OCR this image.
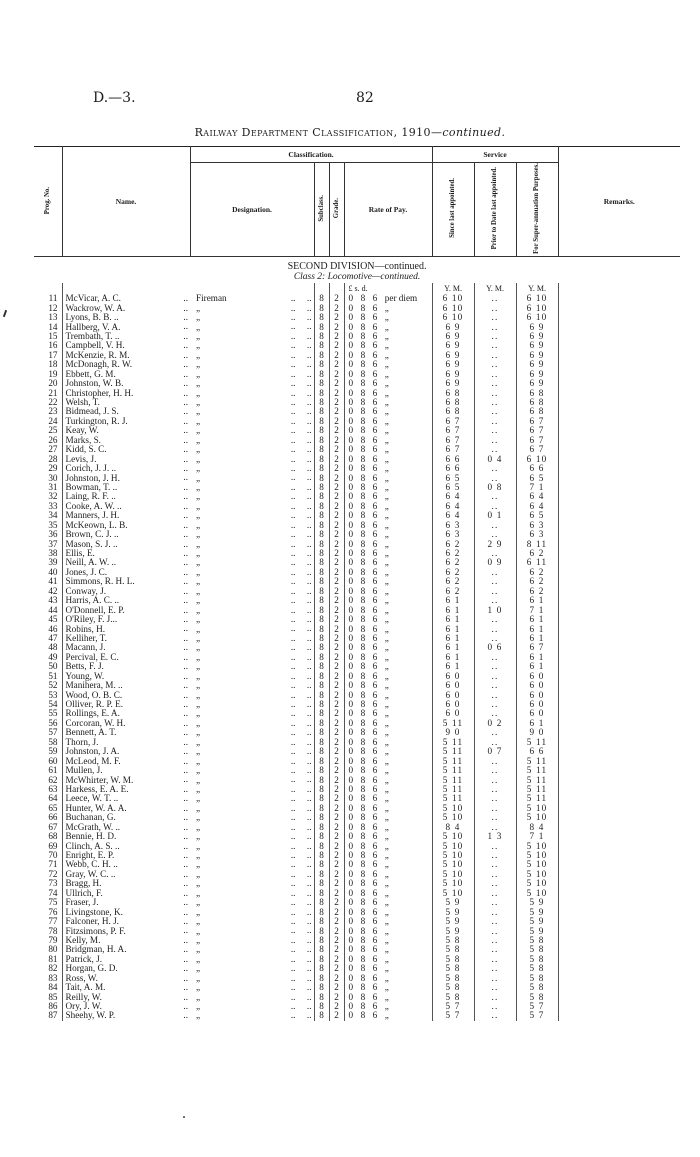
D.—3.	82
Railway Department Classification, 1910—continued.
Prog. No.	Name.	Classification.				Service			Remarks.
		Designation.	Subclass.	Grade.	Rate of Pay.	Since last appointed.	Prior to Date last appointed.	For Super-annuation Purposes.	
SECOND DIVISION—continued.									
Class 2: Locomotive—continued.									
					£ s. d.	Y. M.	Y. M.	Y. M.	
11	McVicar, A. C. ..	Fireman ..     ..	8	2	0 8 6 per diem	6 10	..	6 10	
12	Wackrow, W. A. ..	„ ..     ..	8	2	0 8 6 „	6 10	..	6 10	
13	Lyons, B. B. .. ..	„ ..     ..	8	2	0 8 6 „	6 10	..	6 10	
14	Hallberg, V. A. ..	„ ..     ..	8	2	0 8 6 „	6 9	..	6 9	
15	Trembath, T. .. ..	„ ..     ..	8	2	0 8 6 „	6 9	..	6 9	
16	Campbell, V. H. ..	„ ..     ..	8	2	0 8 6 „	6 9	..	6 9	
17	McKenzie, R. M. ..	„ ..     ..	8	2	0 8 6 „	6 9	..	6 9	
18	McDonagh, R. W. ..	„ ..     ..	8	2	0 8 6 „	6 9	..	6 9	
19	Ebbett, G. M. ..	„ ..     ..	8	2	0 8 6 „	6 9	..	6 9	
20	Johnston, W. B. ..	„ ..     ..	8	2	0 8 6 „	6 9	..	6 9	
21	Christopher, H. H. ..	„ ..     ..	8	2	0 8 6 „	6 8	..	6 8	
22	Welsh, T. ..	„ ..     ..	8	2	0 8 6 „	6 8	..	6 8	
23	Bidmead, J. S. ..	„ ..     ..	8	2	0 8 6 „	6 8	..	6 8	
24	Turkington, R. J. ..	„ ..     ..	8	2	0 8 6 „	6 7	..	6 7	
25	Keay, W. ..	„ ..     ..	8	2	0 8 6 „	6 7	..	6 7	
26	Marks, S. ..	„ ..     ..	8	2	0 8 6 „	6 7	..	6 7	
27	Kidd, S. C. ..	„ ..     ..	8	2	0 8 6 „	6 7	..	6 7	
28	Levis, J. ..	„ ..     ..	8	2	0 8 6 „	6 6	0 4	6 10	
29	Corich, J. J. .. ..	„ ..     ..	8	2	0 8 6 „	6 6	..	6 6	
30	Johnston, J. H. ..	„ ..     ..	8	2	0 8 6 „	6 5	..	6 5	
31	Bowman, T. .. ..	„ ..     ..	8	2	0 8 6 „	6 5	0 8	7 1	
32	Laing, R. F. .. ..	„ ..     ..	8	2	0 8 6 „	6 4	..	6 4	
33	Cooke, A. W. .. ..	„ ..     ..	8	2	0 8 6 „	6 4	..	6 4	
34	Manners, J. H. ..	„ ..     ..	8	2	0 8 6 „	6 4	0 1	6 5	
35	McKeown, L. B. ..	„ ..     ..	8	2	0 8 6 „	6 3	..	6 3	
36	Brown, C. J. .. ..	„ ..     ..	8	2	0 8 6 „	6 3	..	6 3	
37	Mason, S. J. .. ..	„ ..     ..	8	2	0 8 6 „	6 2	2 9	8 11	
38	Ellis, E. ..	„ ..     ..	8	2	0 8 6 „	6 2	..	6 2	
39	Neill, A. W. .. ..	„ ..     ..	8	2	0 8 6 „	6 2	0 9	6 11	
40	Jones, J. C. ..	„ ..     ..	8	2	0 8 6 „	6 2	..	6 2	
41	Simmons, R. H. L. ..	„ ..     ..	8	2	0 8 6 „	6 2	..	6 2	
42	Conway, J. ..	„ ..     ..	8	2	0 8 6 „	6 2	..	6 2	
43	Harris, A. C. .. ..	„ ..     ..	8	2	0 8 6 „	6 1	..	6 1	
44	O'Donnell, E. P. ..	„ ..     ..	8	2	0 8 6 „	6 1	1 0	7 1	
45	O'Riley, F. J... ..	„ ..     ..	8	2	0 8 6 „	6 1	..	6 1	
46	Robins, H. ..	„ ..     ..	8	2	0 8 6 „	6 1	..	6 1	
47	Kelliher, T. ..	„ ..     ..	8	2	0 8 6 „	6 1	..	6 1	
48	Macann, J. ..	„ ..     ..	8	2	0 8 6 „	6 1	0 6	6 7	
49	Percival, E. C. ..	„ ..     ..	8	2	0 8 6 „	6 1	..	6 1	
50	Betts, F. J. ..	„ ..     ..	8	2	0 8 6 „	6 1	..	6 1	
51	Young, W. ..	„ ..     ..	8	2	0 8 6 „	6 0	..	6 0	
52	Manihera, M. .. ..	„ ..     ..	8	2	0 8 6 „	6 0	..	6 0	
53	Wood, O. B. C. ..	„ ..     ..	8	2	0 8 6 „	6 0	..	6 0	
54	Olliver, R. P. E. ..	„ ..     ..	8	2	0 8 6 „	6 0	..	6 0	
55	Rollings, E. A. ..	„ ..     ..	8	2	0 8 6 „	6 0	..	6 0	
56	Corcoran, W. H. ..	„ ..     ..	8	2	0 8 6 „	5 11	0 2	6 1	
57	Bennett, A. T. ..	„ ..     ..	8	2	0 8 6 „	9 0	..	9 0	
58	Thorn, J. ..	„ ..     ..	8	2	0 8 6 „	5 11	..	5 11	
59	Johnston, J. A. ..	„ ..     ..	8	2	0 8 6 „	5 11	0 7	6 6	
60	McLeod, M. F. ..	„ ..     ..	8	2	0 8 6 „	5 11	..	5 11	
61	Mullen, J. ..	„ ..     ..	8	2	0 8 6 „	5 11	..	5 11	
62	McWhirter, W. M. ..	„ ..     ..	8	2	0 8 6 „	5 11	..	5 11	
63	Harkess, E. A. E. ..	„ ..     ..	8	2	0 8 6 „	5 11	..	5 11	
64	Leece, W. T. .. ..	„ ..     ..	8	2	0 8 6 „	5 11	..	5 11	
65	Hunter, W. A. A. ..	„ ..     ..	8	2	0 8 6 „	5 10	..	5 10	
66	Buchanan, G. ..	„ ..     ..	8	2	0 8 6 „	5 10	..	5 10	
67	McGrath, W. .. ..	„ ..     ..	8	2	0 8 6 „	8 4	..	8 4	
68	Bennie, H. D. ..	„ ..     ..	8	2	0 8 6 „	5 10	1 3	7 1	
69	Clinch, A. S. .. ..	„ ..     ..	8	2	0 8 6 „	5 10	..	5 10	
70	Enright, E. P. ..	„ ..     ..	8	2	0 8 6 „	5 10	..	5 10	
71	Webb, C. H. .. ..	„ ..     ..	8	2	0 8 6 „	5 10	..	5 10	
72	Gray, W. C. .. ..	„ ..     ..	8	2	0 8 6 „	5 10	..	5 10	
73	Bragg, H. ..	„ ..     ..	8	2	0 8 6 „	5 10	..	5 10	
74	Ullrich, F. ..	„ ..     ..	8	2	0 8 6 „	5 10	..	5 10	
75	Fraser, J. ..	„ ..     ..	8	2	0 8 6 „	5 9	..	5 9	
76	Livingstone, K. ..	„ ..     ..	8	2	0 8 6 „	5 9	..	5 9	
77	Falconer, H. J. ..	„ ..     ..	8	2	0 8 6 „	5 9	..	5 9	
78	Fitzsimons, P. F. ..	„ ..     ..	8	2	0 8 6 „	5 9	..	5 9	
79	Kelly, M. ..	„ ..     ..	8	2	0 8 6 „	5 8	..	5 8	
80	Bridgman, H. A. ..	„ ..     ..	8	2	0 8 6 „	5 8	..	5 8	
81	Patrick, J. ..	„ ..     ..	8	2	0 8 6 „	5 8	..	5 8	
82	Horgan, G. D. ..	„ ..     ..	8	2	0 8 6 „	5 8	..	5 8	
83	Ross, W. ..	„ ..     ..	8	2	0 8 6 „	5 8	..	5 8	
84	Tait, A. M. ..	„ ..     ..	8	2	0 8 6 „	5 8	..	5 8	
85	Reilly, W. ..	„ ..     ..	8	2	0 8 6 „	5 8	..	5 8	
86	Ory, J. W. ..	„ ..     ..	8	2	0 8 6 „	5 7	..	5 7	
87	Sheehy, W. P. ..	„ ..     ..	8	2	0 8 6 „	5 7	..	5 7	
